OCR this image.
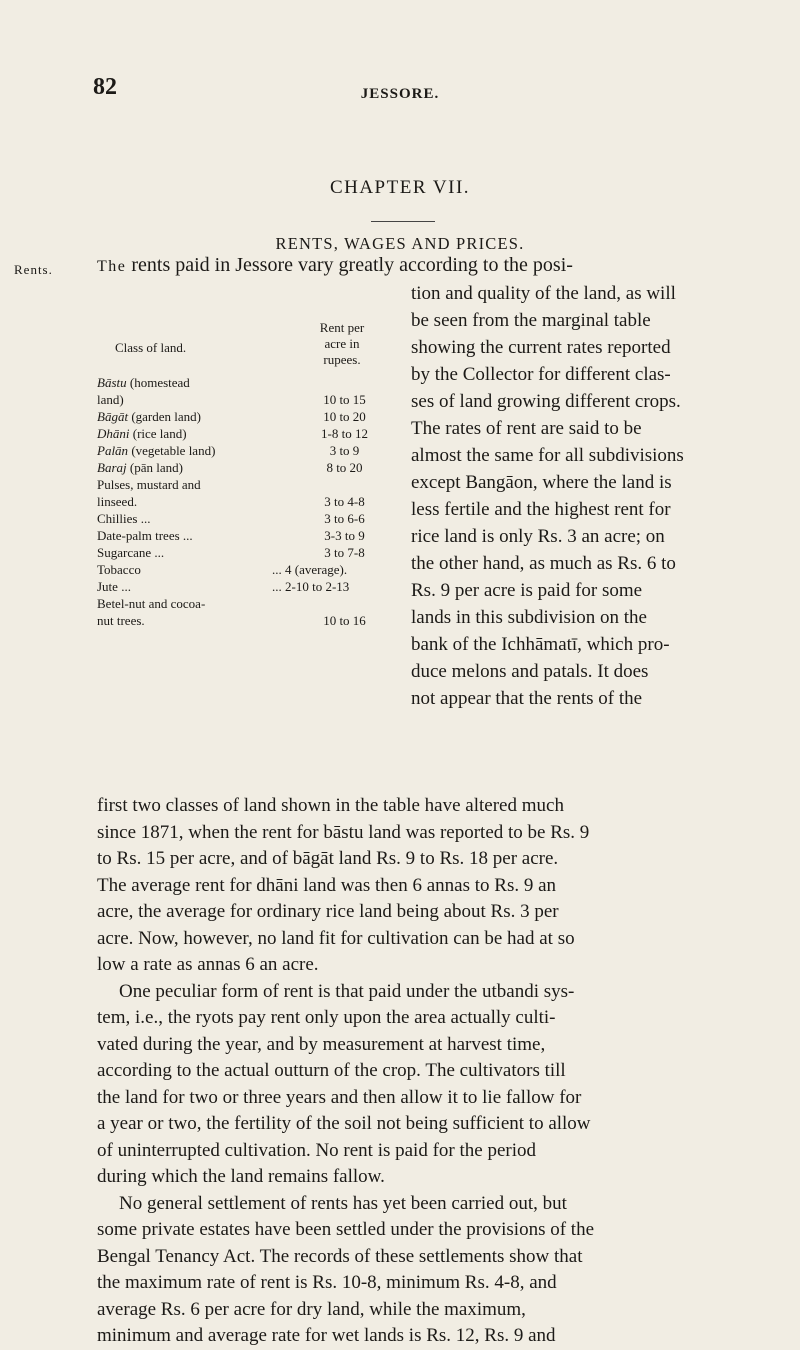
82	JESSORE.
CHAPTER VII.
RENTS, WAGES AND PRICES.
Rents.	The rents paid in Jessore vary greatly according to the posi-
tion and quality of the land, as will
be seen from the marginal table
showing the current rates reported
by the Collector for different clas-
ses of land growing different crops.
The rates of rent are said to be
almost the same for all subdivisions
except Bangāon, where the land is
less fertile and the highest rent for
rice land is only Rs. 3 an acre; on
the other hand, as much as Rs. 6 to
Rs. 9 per acre is paid for some
lands in this subdivision on the
bank of the Ichhāmatī, which pro-
duce melons and patals. It does
not appear that the rents of the
Class of land.
Rent per
acre in
rupees.
Bāstu (homestead
land)	10 to 15
Bāgāt (garden land)	10 to 20
Dhāni (rice land)	1-8 to 12
Palān (vegetable land)	3 to 9
Baraj (pān land)	8 to 20
Pulses, mustard and
linseed.	3 to 4-8
Chillies ...	3 to 6-6
Date-palm trees ...	3-3 to 9
Sugarcane ...	3 to 7-8
Tobacco	... 4 (average).
Jute ...	... 2-10 to 2-13
Betel-nut and cocoa-
nut trees.	10 to 16
first two classes of land shown in the table have altered much
since 1871, when the rent for bāstu land was reported to be Rs. 9
to Rs. 15 per acre, and of bāgāt land Rs. 9 to Rs. 18 per acre.
The average rent for dhāni land was then 6 annas to Rs. 9 an
acre, the average for ordinary rice land being about Rs. 3 per
acre. Now, however, no land fit for cultivation can be had at so
low a rate as annas 6 an acre.
One peculiar form of rent is that paid under the utbandi sys-
tem, i.e., the ryots pay rent only upon the area actually culti-
vated during the year, and by measurement at harvest time,
according to the actual outturn of the crop. The cultivators till
the land for two or three years and then allow it to lie fallow for
a year or two, the fertility of the soil not being sufficient to allow
of uninterrupted cultivation. No rent is paid for the period
during which the land remains fallow.
No general settlement of rents has yet been carried out, but
some private estates have been settled under the provisions of the
Bengal Tenancy Act. The records of these settlements show that
the maximum rate of rent is Rs. 10-8, minimum Rs. 4-8, and
average Rs. 6 per acre for dry land, while the maximum,
minimum and average rate for wet lands is Rs. 12, Rs. 9 and
